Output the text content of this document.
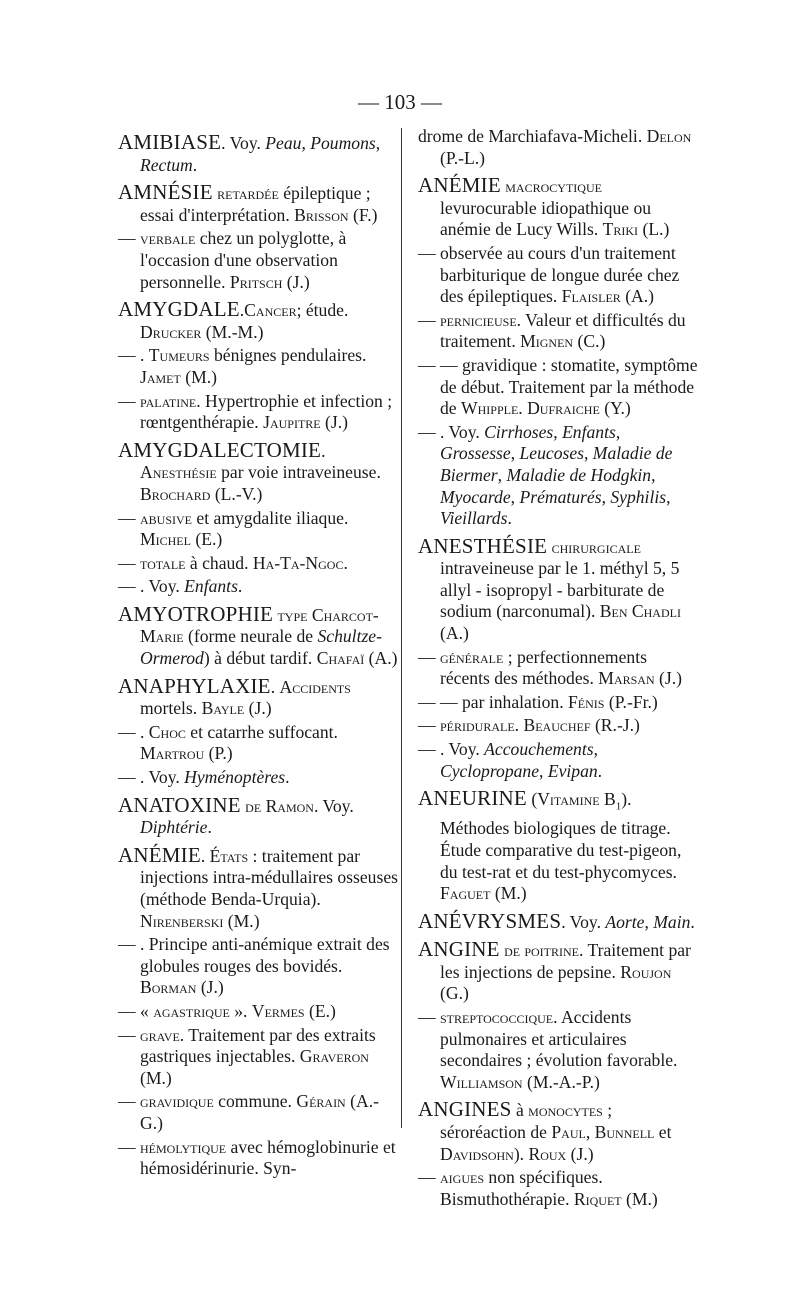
— 103 —

AMIBIASE. Voy. Peau, Poumons, Rectum.

AMNÉSIE retardée épileptique ; essai d'interprétation. Brisson (F.)

— verbale chez un polyglotte, à l'occasion d'une observation personnelle. Pritsch (J.)

AMYGDALE.Cancer; étude. Drucker (M.-M.)

— . Tumeurs bénignes pendulaires. Jamet (M.)

— palatine. Hypertrophie et infection ; rœntgenthérapie. Jaupitre (J.)

AMYGDALECTOMIE. Anesthésie par voie intraveineuse. Brochard (L.-V.)

— abusive et amygdalite iliaque. Michel (E.)

— totale à chaud. Ha-Ta-Ngoc.

— . Voy. Enfants.

AMYOTROPHIE type Charcot-Marie (forme neurale de Schultze-Ormerod) à début tardif. Chafaï (A.)

ANAPHYLAXIE. Accidents mortels. Bayle (J.)

— . Choc et catarrhe suffocant. Martrou (P.)

— . Voy. Hyménoptères.

ANATOXINE de Ramon. Voy. Diphtérie.

ANÉMIE. États : traitement par injections intra-médullaires osseuses (méthode Benda-Urquia). Nirenberski (M.)

— . Principe anti-anémique extrait des globules rouges des bovidés. Borman (J.)

— « agastrique ». Vermes (E.)

— grave. Traitement par des extraits gastriques injectables. Graveron (M.)

— gravidique commune. Gérain (A.-G.)

— hémolytique avec hémoglobinurie et hémosidérinurie. Syn-

drome de Marchiafava-Micheli. Delon (P.-L.)

ANÉMIE macrocytique levurocurable idiopathique ou anémie de Lucy Wills. Triki (L.)

— observée au cours d'un traitement barbiturique de longue durée chez des épileptiques. Flaisler (A.)

— pernicieuse. Valeur et difficultés du traitement. Mignen (C.)

— — gravidique : stomatite, symptôme de début. Traitement par la méthode de Whipple. Dufraiche (Y.)

— . Voy. Cirrhoses, Enfants, Grossesse, Leucoses, Maladie de Biermer, Maladie de Hodgkin, Myocarde, Prématurés, Syphilis, Vieillards.

ANESTHÉSIE chirurgicale intraveineuse par le 1. méthyl 5, 5 allyl - isopropyl - barbiturate de sodium (narconumal). Ben Chadli (A.)

— générale ; perfectionnements récents des méthodes. Marsan (J.)

— — par inhalation. Fénis (P.-Fr.)

— péridurale. Beauchef (R.-J.)

— . Voy. Accouchements, Cyclopropane, Evipan.

ANEURINE (Vitamine $B_1$). Méthodes biologiques de titrage. Étude comparative du test-pigeon, du test-rat et du test-phycomyces. Faguet (M.)

ANÉVRYSMES. Voy. Aorte, Main.

ANGINE de poitrine. Traitement par les injections de pepsine. Roujon (G.)

— streptococcique. Accidents pulmonaires et articulaires secondaires ; évolution favorable. Williamson (M.-A.-P.)

ANGINES à monocytes ; séroréaction de Paul, Bunnell et Davidsohn). Roux (J.)

— aigues non spécifiques. Bismuthothérapie. Riquet (M.)
